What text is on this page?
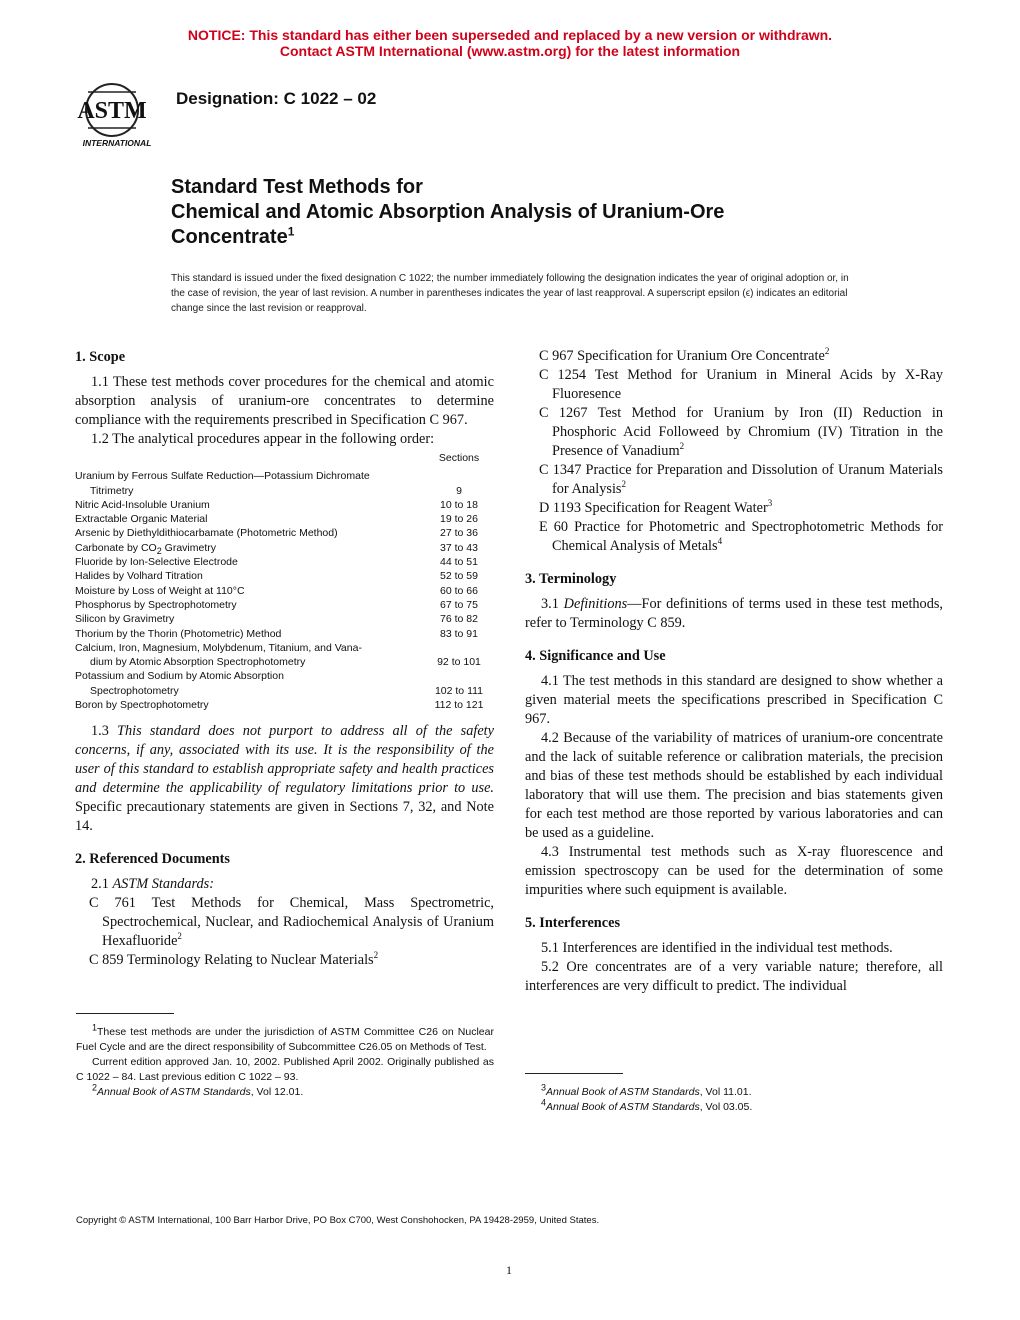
NOTICE: This standard has either been superseded and replaced by a new version or withdrawn.
Contact ASTM International (www.astm.org) for the latest information
ASTM
INTERNATIONAL
Designation: C 1022 – 02
Standard Test Methods for
Chemical and Atomic Absorption Analysis of Uranium-Ore
Concentrate$^1$
This standard is issued under the fixed designation C 1022; the number immediately following the designation indicates the year of original adoption or, in the case of revision, the year of last revision. A number in parentheses indicates the year of last reapproval. A superscript epsilon (ϵ) indicates an editorial change since the last revision or reapproval.

1. Scope

1.1 These test methods cover procedures for the chemical and atomic absorption analysis of uranium-ore concentrates to determine compliance with the requirements prescribed in Specification C 967.

1.2 The analytical procedures appear in the following order:

Sections
Uranium by Ferrous Sulfate Reduction—Potassium Dichromate
Titrimetry	9
Nitric Acid-Insoluble Uranium	10 to 18
Extractable Organic Material	19 to 26
Arsenic by Diethyldithiocarbamate (Photometric Method)	27 to 36
Carbonate by $CO_2$ Gravimetry	37 to 43
Fluoride by Ion-Selective Electrode	44 to 51
Halides by Volhard Titration	52 to 59
Moisture by Loss of Weight at 110°C	60 to 66
Phosphorus by Spectrophotometry	67 to 75
Silicon by Gravimetry	76 to 82
Thorium by the Thorin (Photometric) Method	83 to 91
Calcium, Iron, Magnesium, Molybdenum, Titanium, and Vana-
dium by Atomic Absorption Spectrophotometry	92 to 101
Potassium and Sodium by Atomic Absorption
Spectrophotometry	102 to 111
Boron by Spectrophotometry	112 to 121

1.3 This standard does not purport to address all of the safety concerns, if any, associated with its use. It is the responsibility of the user of this standard to establish appropriate safety and health practices and determine the applicability of regulatory limitations prior to use. Specific precautionary statements are given in Sections 7, 32, and Note 14.

2. Referenced Documents

2.1 ASTM Standards:

C 761 Test Methods for Chemical, Mass Spectrometric, Spectrochemical, Nuclear, and Radiochemical Analysis of Uranium Hexafluoride$^2$

C 859 Terminology Relating to Nuclear Materials$^2$

$^1$These test methods are under the jurisdiction of ASTM Committee C26 on Nuclear Fuel Cycle and are the direct responsibility of Subcommittee C26.05 on Methods of Test.
Current edition approved Jan. 10, 2002. Published April 2002. Originally published as C 1022 – 84. Last previous edition C 1022 – 93.
$^2$Annual Book of ASTM Standards, Vol 12.01.

C 967 Specification for Uranium Ore Concentrate$^2$

C 1254 Test Method for Uranium in Mineral Acids by X-Ray Fluoresence

C 1267 Test Method for Uranium by Iron (II) Reduction in Phosphoric Acid Followeed by Chromium (IV) Titration in the Presence of Vanadium$^2$

C 1347 Practice for Preparation and Dissolution of Uranum Materials for Analysis$^2$

D 1193 Specification for Reagent Water$^3$

E 60 Practice for Photometric and Spectrophotometric Methods for Chemical Analysis of Metals$^4$

3. Terminology

3.1 Definitions—For definitions of terms used in these test methods, refer to Terminology C 859.

4. Significance and Use

4.1 The test methods in this standard are designed to show whether a given material meets the specifications prescribed in Specification C 967.

4.2 Because of the variability of matrices of uranium-ore concentrate and the lack of suitable reference or calibration materials, the precision and bias of these test methods should be established by each individual laboratory that will use them. The precision and bias statements given for each test method are those reported by various laboratories and can be used as a guideline.

4.3 Instrumental test methods such as X-ray fluorescence and emission spectroscopy can be used for the determination of some impurities where such equipment is available.

5. Interferences

5.1 Interferences are identified in the individual test methods.

5.2 Ore concentrates are of a very variable nature; therefore, all interferences are very difficult to predict. The individual

$^3$Annual Book of ASTM Standards, Vol 11.01.
$^4$Annual Book of ASTM Standards, Vol 03.05.
Copyright © ASTM International, 100 Barr Harbor Drive, PO Box C700, West Conshohocken, PA 19428-2959, United States.
1
